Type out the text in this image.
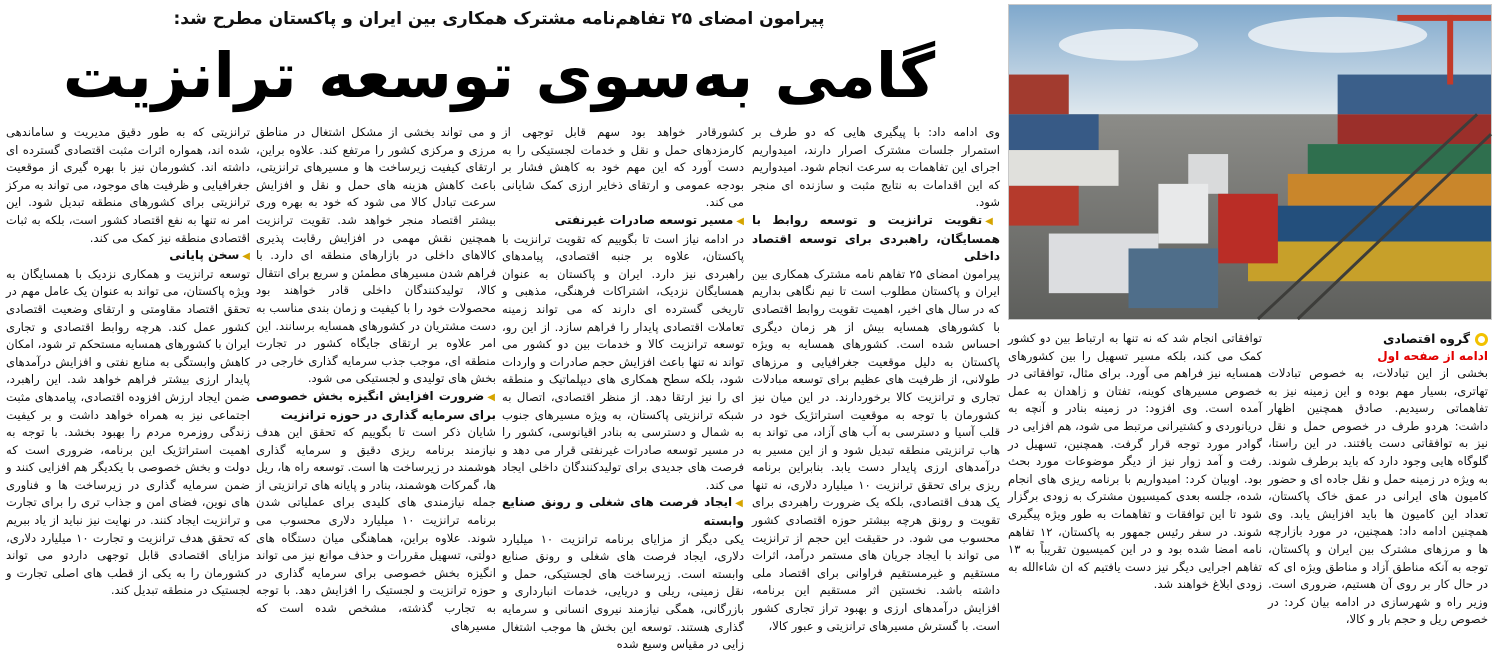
پیرامون امضای ۲۵ تفاهم‌نامه مشترک همکاری بین ایران و پاکستان مطرح شد:
گامی به‌سوی توسعه ترانزیت
گروه اقتصادی
ادامه از صفحه اول

بخشی از این تبادلات، به خصوص تبادلات تهاتری، بسیار مهم بوده و این زمینه نیز به تفاهماتی رسیدیم. صادق همچنین اظهار داشت: هردو طرف در خصوص حمل و نقل نیز به توافقاتی دست یافتند. در این راستا، گلوگاه هایی وجود دارد که باید برطرف شوند. به ویژه در زمینه حمل و نقل جاده ای و حضور کامیون های ایرانی در عمق خاک پاکستان، تعداد این کامیون ها باید افزایش یابد. وی همچنین ادامه داد: همچنین، در مورد بازارچه ها و مرزهای مشترک بین ایران و پاکستان، توجه به آنکه مناطق آزاد و مناطق ویژه ای که در حال کار بر روی آن هستیم، ضروری است. وزیر راه و شهرسازی در ادامه بیان کرد: در خصوص ریل و حجم بار و کالا،

توافقاتی انجام شد که نه تنها به ارتباط بین دو کشور کمک می کند، بلکه مسیر تسهیل را بین کشورهای همسایه نیز فراهم می آورد. برای مثال، توافقاتی در خصوص مسیرهای کوینه، تفتان و زاهدان به عمل آمده است. وی افزود: در زمینه بنادر و آنچه به دریانوردی و کشتیرانی مرتبط می شود، هم افزایی در گوادر مورد توجه قرار گرفت. همچنین، تسهیل در رفت و آمد زوار نیز از دیگر موضوعات مورد بحث بود. اوبیان کرد: امیدواریم با برنامه ریزی های انجام شده، جلسه بعدی کمیسیون مشترک به زودی برگزار شود تا این توافقات و تفاهمات به طور ویژه پیگیری شوند. در سفر رئیس جمهور به پاکستان، ۱۲ تفاهم نامه امضا شده بود و در این کمیسیون تقریباً به ۱۳ تفاهم اجرایی دیگر نیز دست یافتیم که ان شاءالله به زودی ابلاغ خواهند شد.

وی ادامه داد: با پیگیری هایی که دو طرف بر استمرار جلسات مشترک اصرار دارند، امیدواریم اجرای این تفاهمات به سرعت انجام شود. امیدواریم که این اقدامات به نتایج مثبت و سازنده ای منجر شود.

◀تقویت ترانزیت و توسعه روابط با همسایگان، راهبردی برای توسعه اقتصاد داخلی

پیرامون امضای ۲۵ تفاهم نامه مشترک همکاری بین ایران و پاکستان مطلوب است تا نیم نگاهی بداریم که در سال های اخیر، اهمیت تقویت روابط اقتصادی با کشورهای همسایه بیش از هر زمان دیگری احساس شده است. کشورهای همسایه به ویژه پاکستان به دلیل موقعیت جغرافیایی و مرزهای طولانی، از ظرفیت های عظیم برای توسعه مبادلات تجاری و ترانزیت کالا برخوردارند. در این میان نیز کشورمان با توجه به موقعیت استراتژیک خود در قلب آسیا و دسترسی به آب های آزاد، می تواند به هاب ترانزیتی منطقه تبدیل شود و از این مسیر به درآمدهای ارزی پایدار دست یابد. بنابراین برنامه ریزی برای تحقق ترانزیت ۱۰ میلیارد دلاری، نه تنها یک هدف اقتصادی، بلکه یک ضرورت راهبردی برای تقویت و رونق هرچه بیشتر حوزه اقتصادی کشور محسوب می شود. در حقیقت این حجم از ترانزیت می تواند با ایجاد جریان های مستمر درآمد، اثرات مستقیم و غیرمستقیم فراوانی برای اقتصاد ملی داشته باشد. نخستین اثر مستقیم این برنامه، افزایش درآمدهای ارزی و بهبود تراز تجاری کشور است. با گسترش مسیرهای ترانزیتی و عبور کالا،

کشورقادر خواهد بود سهم قابل توجهی از کارمزدهای حمل و نقل و خدمات لجستیکی را به دست آورد که این مهم خود به کاهش فشار بر بودجه عمومی و ارتقای ذخایر ارزی کمک شایانی می کند.

◀مسیر توسعه صادرات غیرنفتی

در ادامه نیاز است تا بگوییم که تقویت ترانزیت با پاکستان، علاوه بر جنبه اقتصادی، پیامدهای راهبردی نیز دارد. ایران و پاکستان به عنوان همسایگان نزدیک، اشتراکات فرهنگی، مذهبی و تاریخی گسترده ای دارند که می تواند زمینه تعاملات اقتصادی پایدار را فراهم سازد. از این رو، توسعه ترانزیت کالا و خدمات بین دو کشور می تواند نه تنها باعث افزایش حجم صادرات و واردات شود، بلکه سطح همکاری های دیپلماتیک و منطقه ای را نیز ارتقا دهد. از منظر اقتصادی، اتصال به شبکه ترانزیتی پاکستان، به ویژه مسیرهای جنوب به شمال و دسترسی به بنادر اقیانوسی، کشور را در مسیر توسعه صادرات غیرنفتی قرار می دهد و فرصت های جدیدی برای تولیدکنندگان داخلی ایجاد می کند.

◀ایجاد فرصت های شغلی و رونق صنایع وابسته

یکی دیگر از مزایای برنامه ترانزیت ۱۰ میلیارد دلاری، ایجاد فرصت های شغلی و رونق صنایع وابسته است. زیرساخت های لجستیکی، حمل و نقل زمینی، ریلی و دریایی، خدمات انبارداری و بازرگانی، همگی نیازمند نیروی انسانی و سرمایه گذاری هستند. توسعه این بخش ها موجب اشتغال زایی در مقیاس وسیع شده

و می تواند بخشی از مشکل اشتغال در مناطق مرزی و مرکزی کشور را مرتفع کند. علاوه براین، ارتقای کیفیت زیرساخت ها و مسیرهای ترانزیتی، باعث کاهش هزینه های حمل و نقل و افزایش سرعت تبادل کالا می شود که خود به بهره وری بیشتر اقتصاد منجر خواهد شد. تقویت ترانزیت همچنین نقش مهمی در افزایش رقابت پذیری کالاهای داخلی در بازارهای منطقه ای دارد. با فراهم شدن مسیرهای مطمئن و سریع برای انتقال کالا، تولیدکنندگان داخلی قادر خواهند بود محصولات خود را با کیفیت و زمان بندی مناسب به دست مشتریان در کشورهای همسایه برسانند. این امر علاوه بر ارتقای جایگاه کشور در تجارت منطقه ای، موجب جذب سرمایه گذاری خارجی در بخش های تولیدی و لجستیکی می شود.

◀ضرورت افزایش انگیزه بخش خصوصی برای سرمایه گذاری در حوزه ترانزیت

شایان ذکر است تا بگوییم که تحقق این هدف نیازمند برنامه ریزی دقیق و سرمایه گذاری هوشمند در زیرساخت ها است. توسعه راه ها، ریل ها، گمرکات هوشمند، بنادر و پایانه های ترانزیتی از جمله نیازمندی های کلیدی برای عملیاتی شدن برنامه ترانزیت ۱۰ میلیارد دلاری محسوب می شوند. علاوه براین، هماهنگی میان دستگاه های دولتی، تسهیل مقررات و حذف موانع نیز می تواند انگیزه بخش خصوصی برای سرمایه گذاری در حوزه ترانزیت و لجستیک را افزایش دهد. با توجه به تجارب گذشته، مشخص شده است که مسیرهای

ترانزیتی که به طور دقیق مدیریت و ساماندهی شده اند، همواره اثرات مثبت اقتصادی گسترده ای داشته اند. کشورمان نیز با بهره گیری از موقعیت جغرافیایی و ظرفیت های موجود، می تواند به مرکز ترانزیتی برای کشورهای منطقه تبدیل شود. این امر نه تنها به نفع اقتصاد کشور است، بلکه به ثبات اقتصادی منطقه نیز کمک می کند.

◀سخن پایانی

توسعه ترانزیت و همکاری نزدیک با همسایگان به ویژه پاکستان، می تواند به عنوان یک عامل مهم در تحقق اقتصاد مقاومتی و ارتقای وضعیت اقتصادی کشور عمل کند. هرچه روابط اقتصادی و تجاری ایران با کشورهای همسایه مستحکم تر شود، امکان کاهش وابستگی به منابع نفتی و افزایش درآمدهای پایدار ارزی بیشتر فراهم خواهد شد. این راهبرد، ضمن ایجاد ارزش افزوده اقتصادی، پیامدهای مثبت اجتماعی نیز به همراه خواهد داشت و بر کیفیت زندگی روزمره مردم را بهبود بخشد. با توجه به اهمیت استراتژیک این برنامه، ضروری است که دولت و بخش خصوصی با یکدیگر هم افزایی کنند و ضمن سرمایه گذاری در زیرساخت ها و فناوری های نوین، فضای امن و جذاب تری را برای تجارت و ترانزیت ایجاد کنند. در نهایت نیز نباید از یاد ببریم که تحقق هدف ترانزیت و تجارت ۱۰ میلیارد دلاری، مزایای اقتصادی قابل توجهی داردو می تواند کشورمان را به یکی از قطب های اصلی تجارت و لجستیک در منطقه تبدیل کند.
